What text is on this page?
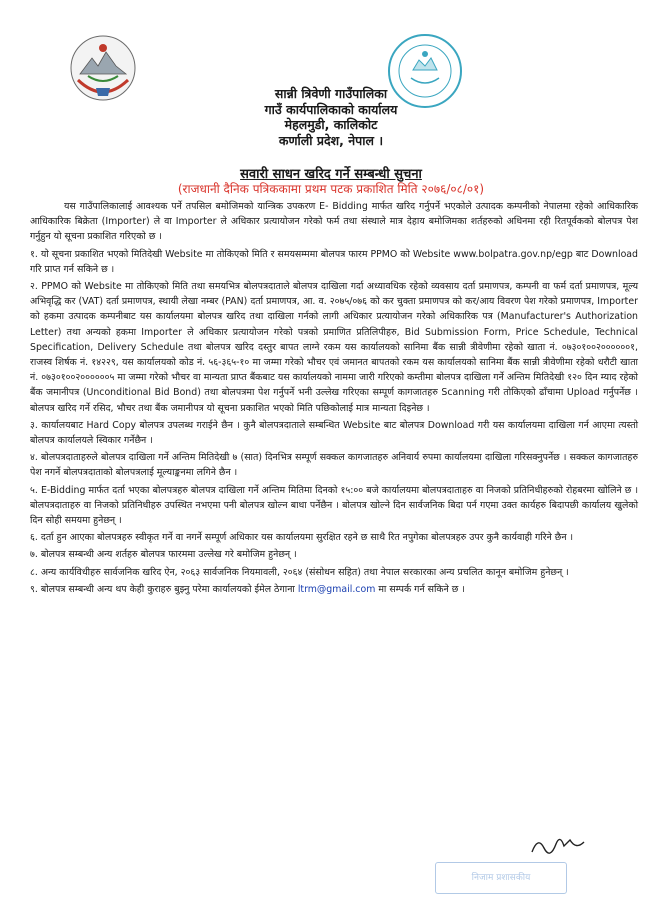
सान्नी त्रिवेणी गाउँपालिका
गाउँ कार्यपालिकाको कार्यालय
मेहलमुडी, कालिकोट
कर्णाली प्रदेश, नेपाल ।
सवारी साधन खरिद गर्ने सम्बन्धी सुचना
(राजधानी दैनिक पत्रिककामा प्रथम पटक प्रकाशित मिति २०७६/०८/०१)

यस गाउँपालिकालाई आवश्यक पर्ने तपसिल बमोजिमको यान्त्रिक उपकरण E- Bidding मार्फत खरिद गर्नुपर्ने भएकोले उत्पादक कम्पनीको नेपालमा रहेको आधिकारिक आधिकारिक बिक्रेता (Importer) ले वा Importer ले अधिकार प्रत्यायोजन गरेको फर्म तथा संस्थाले मात्र देहाय बमोजिमका शर्तहरुको अधिनमा रही रितपूर्वकको बोलपत्र पेश गर्नुहुन यो सूचना प्रकाशित गरिएको छ ।

१. यो सूचना प्रकाशित भएको मितिदेखी Website मा तोकिएको मिति र समयसम्ममा बोलपत्र फारम PPMO को Website www.bolpatra.gov.np/egp बाट Download गरि प्राप्त गर्न सकिने छ ।

२. PPMO को Website मा तोकिएको मिति तथा समयभित्र बोलपत्रदाताले बोलपत्र दाखिला गर्दा अध्यावधिक रहेको व्यवसाय दर्ता प्रमाणपत्र, कम्पनी वा फर्म दर्ता प्रमाणपत्र, मूल्य अभिवृद्धि कर (VAT) दर्ता प्रमाणपत्र, स्थायी लेखा नम्बर (PAN) दर्ता प्रमाणपत्र, आ. व. २०७५/०७६ को कर चुक्ता प्रमाणपत्र को कर/आय विवरण पेश गरेको प्रमाणपत्र, Importer को हकमा उत्पादक कम्पनीबाट यस कार्यालयमा बोलपत्र खरिद तथा दाखिला गर्नको लागी अधिकार प्रत्यायोजन गरेको अधिकारिक पत्र (Manufacturer's Authorization Letter) तथा अन्यको हकमा Importer ले अधिकार प्रत्यायोजन गरेको पत्रको प्रमाणित प्रतिलिपीहरु, Bid Submission Form, Price Schedule, Technical Specification, Delivery Schedule तथा बोलपत्र खरिद दस्तुर बापत लाग्ने रकम यस कार्यालयको सानिमा बैंक सान्नी त्रीवेणीमा रहेको खाता नं. ०७३०१००२००००००१, राजस्व शिर्षक नं. १४२२९, यस कार्यालयको कोड नं. ५६-३६५-१० मा जम्मा गरेको भौचर एवं जमानत बापतको रकम यस कार्यालयको सानिमा बैंक सान्नी त्रीवेणीमा रहेको धरौटी खाता नं. ०७३०१००२००००००५ मा जम्मा गरेको भौचर वा मान्यता प्राप्त बैंकबाट यस कार्यालयको नाममा जारी गरिएको कम्तीमा बोलपत्र दाखिला गर्ने अन्तिम मितिदेखी १२० दिन म्याद रहेको बैंक जमानीपत्र (Unconditional Bid Bond) तथा बोलपत्रमा पेश गर्नुपर्ने भनी उल्लेख गरिएका सम्पूर्ण कागजातहरु Scanning गरी तोकिएको ढाँचामा Upload गर्नुपर्नेछ । बोलपत्र खरिद गर्ने रसिद, भौचर तथा बैंक जमानीपत्र यो सूचना प्रकाशित भएको मिति पछिकोलाई मात्र मान्यता दिइनेछ ।

३. कार्यालयबाट Hard Copy बोलपत्र उपलब्ध गराईने छैन । कुनै बोलपत्रदाताले सम्बन्धित Website बाट बोलपत्र Download गरी यस कार्यालयमा दाखिला गर्न आएमा त्यस्तो बोलपत्र कार्यालयले स्विकार गर्नेछैन ।

४. बोलपत्रदाताहरुले बोलपत्र दाखिला गर्ने अन्तिम मितिदेखी ७ (सात) दिनभित्र सम्पूर्ण सक्कल कागजातहरु अनिवार्य रुपमा कार्यालयमा दाखिला गरिसक्नुपर्नेछ । सक्कल कागजातहरु पेश नगर्ने बोलपत्रदाताको बोलपत्रलाई मूल्याङ्कनमा लगिने छैन ।

५. E-Bidding मार्फत दर्ता भएका बोलपत्रहरु बोलपत्र दाखिला गर्ने अन्तिम मितिमा दिनको १५:०० बजे कार्यालयमा बोलपत्रदाताहरु वा निजको प्रतिनिधीहरुको रोहबरमा खोलिने छ । बोलपत्रदाताहरु वा निजको प्रतिनिधीहरु उपस्थित नभएमा पनी बोलपत्र खोल्न बाधा पर्नेछैन । बोलपत्र खोल्ने दिन सार्वजनिक बिदा पर्न गएमा उक्त कार्यहरु बिदापछी कार्यालय खुलेको दिन सोही समयमा हुनेछन् ।

६. दर्ता हुन आएका बोलपत्रहरु स्वीकृत गर्ने वा नगर्ने सम्पूर्ण अधिकार यस कार्यालयमा सुरक्षित रहने छ साथै रित नपुगेका बोलपत्रहरु उपर कुनै कार्यवाही गरिने छैन ।

७. बोलपत्र सम्बन्धी अन्य शर्तहरु बोलपत्र फारममा उल्लेख गरे बमोजिम हुनेछन् ।

८. अन्य कार्यविधीहरु सार्वजनिक खरिद ऐन, २०६३ सार्वजनिक नियमावली, २०६४ (संसोधन सहित) तथा नेपाल सरकारका अन्य प्रचलित कानून बमोजिम हुनेछन् ।

९. बोलपत्र सम्बन्धी अन्य थप केही कुराहरु बुझ्नु परेमा कार्यालयको ईमेल ठेगाना ltrm@gmail.com मा सम्पर्क गर्न सकिने छ ।

निजाम प्रशासकीय
